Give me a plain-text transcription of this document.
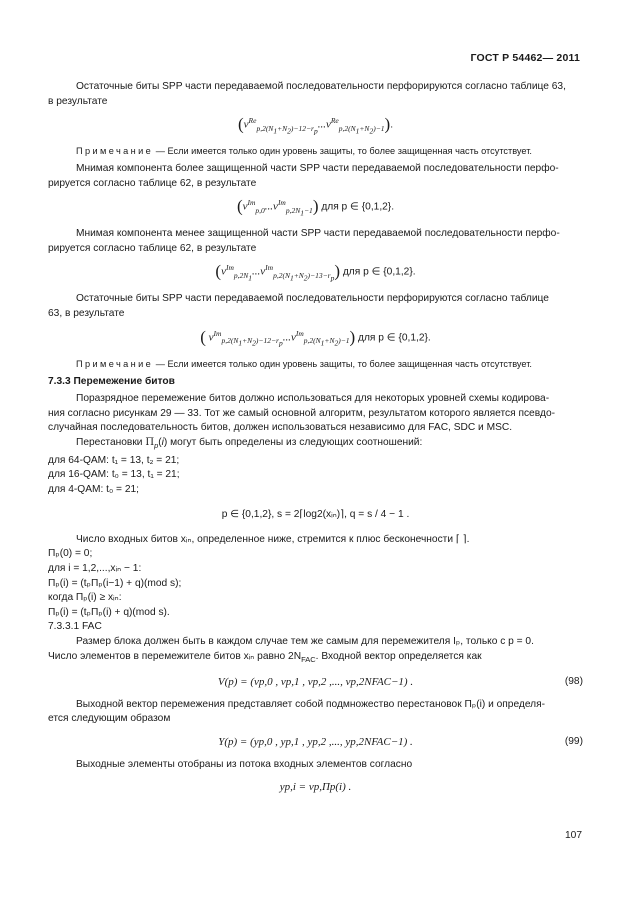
ГОСТ Р 54462— 2011

Остаточные биты SPP части передаваемой последовательности перфорируются согласно таблице 63,

в результате

$(v^{Re}_{p,2(N_1+N_2)-12-r_p}...v^{Re}_{p,2(N_1+N_2)-1})$.

Примечание — Если имеется только один уровень защиты, то более защищенная часть отсутствует.

Мнимая компонента более защищенной части SPP части передаваемой последовательности перфо-

рируется согласно таблице 62, в результате

$(v^{Im}_{p,0}...v^{Im}_{p,2N_1-1})$ для p ∈ {0,1,2}.

Мнимая компонента менее защищенной части SPP части передаваемой последовательности перфо-

рируется согласно таблице 62, в результате

$(v^{Im}_{p,2N_1}...v^{Im}_{p,2(N_1+N_2)-13-r_p})$ для p ∈ {0,1,2}.

Остаточные биты SPP части передаваемой последовательности перфорируются согласно таблице

63, в результате

( $v^{Im}_{p,2(N_1+N_2)-12-r_p}...v^{Im}_{p,2(N_1+N_2)-1}$) для p ∈ {0,1,2}.

Примечание — Если имеется только один уровень защиты, то более защищенная часть отсутствует.

7.3.3 Перемежение битов

Поразрядное перемежение битов должно использоваться для некоторых уровней схемы кодирова-

ния согласно рисункам 29 — 33. Тот же самый основной алгоритм, результатом которого является псевдо-

случайная последовательность битов, должен использоваться независимо для FAC, SDC и MSC.

Перестановки $\Pi_p(i)$ могут быть определены из следующих соотношений:

для 64-QAM: t₁ = 13, t₂ = 21;

для 16-QAM: t₀ = 13, t₁ = 21;

для 4-QAM: t₀ = 21;

p ∈ {0,1,2}, s = 2⌈log2(xᵢₙ)⌉, q = s / 4 − 1 .

Число входных битов xᵢₙ, определенное ниже, стремится к плюс бесконечности ⌈ ⌉.

Πₚ(0) = 0;

для i = 1,2,...,xᵢₙ − 1:

Πₚ(i) = (tₚΠₚ(i−1) + q)(mod s);

когда Πₚ(i) ≥ xᵢₙ:

Πₚ(i) = (tₚΠₚ(i) + q)(mod s).

7.3.3.1 FAC

Размер блока должен быть в каждом случае тем же самым для перемежителя Iₚ, только с p = 0.

Число элементов в перемежителе битов xᵢₙ равно $2N_{FAC}$. Входной вектор определяется как

V(p) = (vp,0 , vp,1 , vp,2 ,..., vp,2NFAC−1) .	(98)

Выходной вектор перемежения представляет собой подмножество перестановок Πₚ(i) и определя-

ется следующим образом

Y(p) = (yp,0 , yp,1 , yp,2 ,..., yp,2NFAC−1) .	(99)

Выходные элементы отобраны из потока входных элементов согласно

yp,i = vp,Πp(i) .
107
